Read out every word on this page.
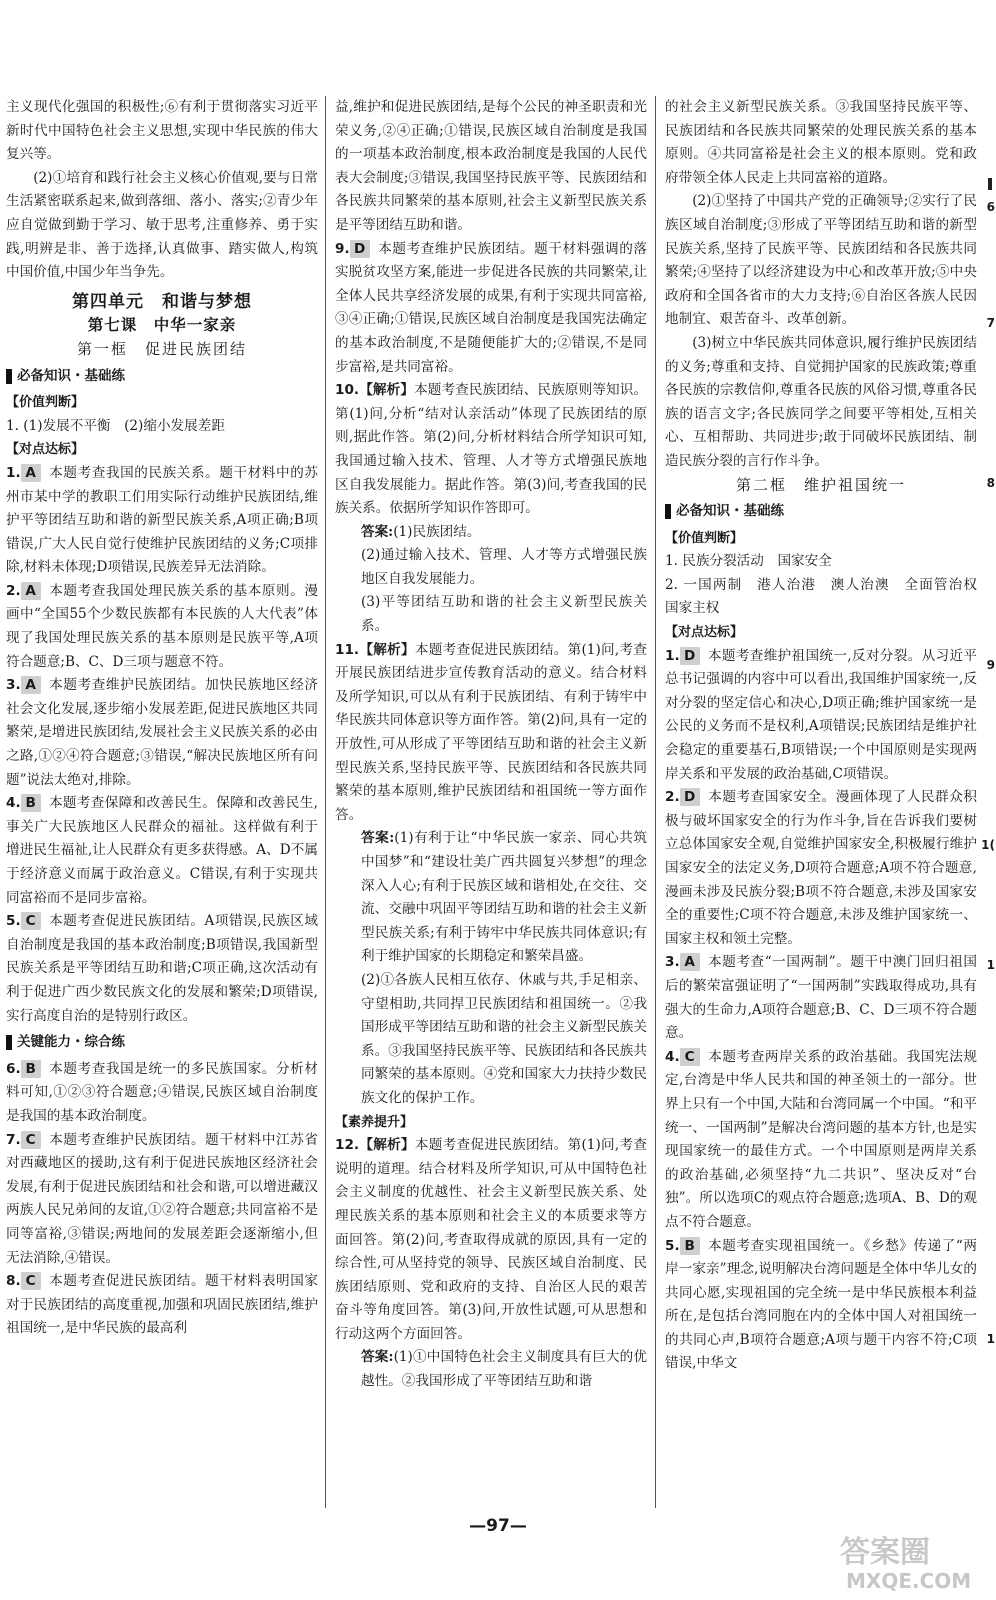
主义现代化强国的积极性;⑥有利于贯彻落实习近平新时代中国特色社会主义思想,实现中华民族的伟大复兴等。

(2)①培育和践行社会主义核心价值观,要与日常生活紧密联系起来,做到落细、落小、落实;②青少年应自觉做到勤于学习、敏于思考,注重修养、勇于实践,明辨是非、善于选择,认真做事、踏实做人,构筑中国价值,中国少年当争先。

第四单元　和谐与梦想

第七课　中华一家亲

第一框　促进民族团结

必备知识・基础练

【价值判断】

1. (1)发展不平衡　(2)缩小发展差距

【对点达标】

1. A 本题考查我国的民族关系。题干材料中的苏州市某中学的教职工们用实际行动维护民族团结,维护平等团结互助和谐的新型民族关系,A项正确;B项错误,广大人民自觉行使维护民族团结的义务;C项排除,材料未体现;D项错误,民族差异无法消除。

2. A 本题考查我国处理民族关系的基本原则。漫画中“全国55个少数民族都有本民族的人大代表”体现了我国处理民族关系的基本原则是民族平等,A项符合题意;B、C、D三项与题意不符。

3. A 本题考查维护民族团结。加快民族地区经济社会文化发展,逐步缩小发展差距,促进民族地区共同繁荣,是增进民族团结,发展社会主义民族关系的必由之路,①②④符合题意;③错误,“解决民族地区所有问题”说法太绝对,排除。

4. B 本题考查保障和改善民生。保障和改善民生,事关广大民族地区人民群众的福祉。这样做有利于增进民生福祉,让人民群众有更多获得感。A、D不属于经济意义而属于政治意义。C错误,有利于实现共同富裕而不是同步富裕。

5. C 本题考查促进民族团结。A项错误,民族区域自治制度是我国的基本政治制度;B项错误,我国新型民族关系是平等团结互助和谐;C项正确,这次活动有利于促进广西少数民族文化的发展和繁荣;D项错误,实行高度自治的是特别行政区。

关键能力・综合练

6. B 本题考查我国是统一的多民族国家。分析材料可知,①②③符合题意;④错误,民族区域自治制度是我国的基本政治制度。

7. C 本题考查维护民族团结。题干材料中江苏省对西藏地区的援助,这有利于促进民族地区经济社会发展,有利于促进民族团结和社会和谐,可以增进藏汉两族人民兄弟间的友谊,①②符合题意;共同富裕不是同等富裕,③错误;两地间的发展差距会逐渐缩小,但无法消除,④错误。

8. C 本题考查促进民族团结。题干材料表明国家对于民族团结的高度重视,加强和巩固民族团结,维护祖国统一,是中华民族的最高利

益,维护和促进民族团结,是每个公民的神圣职责和光荣义务,②④正确;①错误,民族区域自治制度是我国的一项基本政治制度,根本政治制度是我国的人民代表大会制度;③错误,我国坚持民族平等、民族团结和各民族共同繁荣的基本原则,社会主义新型民族关系是平等团结互助和谐。

9. D 本题考查维护民族团结。题干材料强调的落实脱贫攻坚方案,能进一步促进各民族的共同繁荣,让全体人民共享经济发展的成果,有利于实现共同富裕,③④正确;①错误,民族区域自治制度是我国宪法确定的基本政治制度,不是随便能扩大的;②错误,不是同步富裕,是共同富裕。

10.【解析】本题考查民族团结、民族原则等知识。第(1)问,分析“结对认亲活动”体现了民族团结的原则,据此作答。第(2)问,分析材料结合所学知识可知,我国通过输入技术、管理、人才等方式增强民族地区自我发展能力。据此作答。第(3)问,考查我国的民族关系。依据所学知识作答即可。

答案:(1)民族团结。

(2)通过输入技术、管理、人才等方式增强民族地区自我发展能力。

(3)平等团结互助和谐的社会主义新型民族关系。

11.【解析】本题考查促进民族团结。第(1)问,考查开展民族团结进步宣传教育活动的意义。结合材料及所学知识,可以从有利于民族团结、有利于铸牢中华民族共同体意识等方面作答。第(2)问,具有一定的开放性,可从形成了平等团结互助和谐的社会主义新型民族关系,坚持民族平等、民族团结和各民族共同繁荣的基本原则,维护民族团结和祖国统一等方面作答。

答案:(1)有利于让“中华民族一家亲、同心共筑中国梦”和“建设壮美广西共圆复兴梦想”的理念深入人心;有利于民族区域和谐相处,在交往、交流、交融中巩固平等团结互助和谐的社会主义新型民族关系;有利于铸牢中华民族共同体意识;有利于维护国家的长期稳定和繁荣昌盛。

(2)①各族人民相互依存、休戚与共,手足相亲、守望相助,共同捍卫民族团结和祖国统一。②我国形成平等团结互助和谐的社会主义新型民族关系。③我国坚持民族平等、民族团结和各民族共同繁荣的基本原则。④党和国家大力扶持少数民族文化的保护工作。

【素养提升】

12.【解析】本题考查促进民族团结。第(1)问,考查说明的道理。结合材料及所学知识,可从中国特色社会主义制度的优越性、社会主义新型民族关系、处理民族关系的基本原则和社会主义的本质要求等方面回答。第(2)问,考查取得成就的原因,具有一定的综合性,可从坚持党的领导、民族区域自治制度、民族团结原则、党和政府的支持、自治区人民的艰苦奋斗等角度回答。第(3)问,开放性试题,可从思想和行动这两个方面回答。

答案:(1)①中国特色社会主义制度具有巨大的优越性。②我国形成了平等团结互助和谐

的社会主义新型民族关系。③我国坚持民族平等、民族团结和各民族共同繁荣的处理民族关系的基本原则。④共同富裕是社会主义的根本原则。党和政府带领全体人民走上共同富裕的道路。

(2)①坚持了中国共产党的正确领导;②实行了民族区域自治制度;③形成了平等团结互助和谐的新型民族关系,坚持了民族平等、民族团结和各民族共同繁荣;④坚持了以经济建设为中心和改革开放;⑤中央政府和全国各省市的大力支持;⑥自治区各族人民因地制宜、艰苦奋斗、改革创新。

(3)树立中华民族共同体意识,履行维护民族团结的义务;尊重和支持、自觉拥护国家的民族政策;尊重各民族的宗教信仰,尊重各民族的风俗习惯,尊重各民族的语言文字;各民族同学之间要平等相处,互相关心、互相帮助、共同进步;敢于同破坏民族团结、制造民族分裂的言行作斗争。

第二框　维护祖国统一

必备知识・基础练

【价值判断】

1. 民族分裂活动　国家安全

2. 一国两制　港人治港　澳人治澳　全面管治权　国家主权

【对点达标】

1. D 本题考查维护祖国统一,反对分裂。从习近平总书记强调的内容中可以看出,我国维护国家统一,反对分裂的坚定信心和决心,D项正确;维护国家统一是公民的义务而不是权利,A项错误;民族团结是维护社会稳定的重要基石,B项错误;一个中国原则是实现两岸关系和平发展的政治基础,C项错误。

2. D 本题考查国家安全。漫画体现了人民群众积极与破坏国家安全的行为作斗争,旨在告诉我们要树立总体国家安全观,自觉维护国家安全,积极履行维护国家安全的法定义务,D项符合题意;A项不符合题意,漫画未涉及民族分裂;B项不符合题意,未涉及国家安全的重要性;C项不符合题意,未涉及维护国家统一、国家主权和领土完整。

3. A 本题考查“一国两制”。题干中澳门回归祖国后的繁荣富强证明了“一国两制”实践取得成功,具有强大的生命力,A项符合题意;B、C、D三项不符合题意。

4. C 本题考查两岸关系的政治基础。我国宪法规定,台湾是中华人民共和国的神圣领土的一部分。世界上只有一个中国,大陆和台湾同属一个中国。“和平统一、一国两制”是解决台湾问题的基本方针,也是实现国家统一的最佳方式。一个中国原则是两岸关系的政治基础,必须坚持“九二共识”、坚决反对“台独”。所以选项C的观点符合题意;选项A、B、D的观点不符合题意。

5. B 本题考查实现祖国统一。《乡愁》传递了“两岸一家亲”理念,说明解决台湾问题是全体中华儿女的共同心愿,实现祖国的完全统一是中华民族根本利益所在,是包括台湾同胞在内的全体中国人对祖国统一的共同心声,B项符合题意;A项与题干内容不符;C项错误,中华文

6
7
8
9
1(
1
1
—97—
答案圈
MXQE.COM
